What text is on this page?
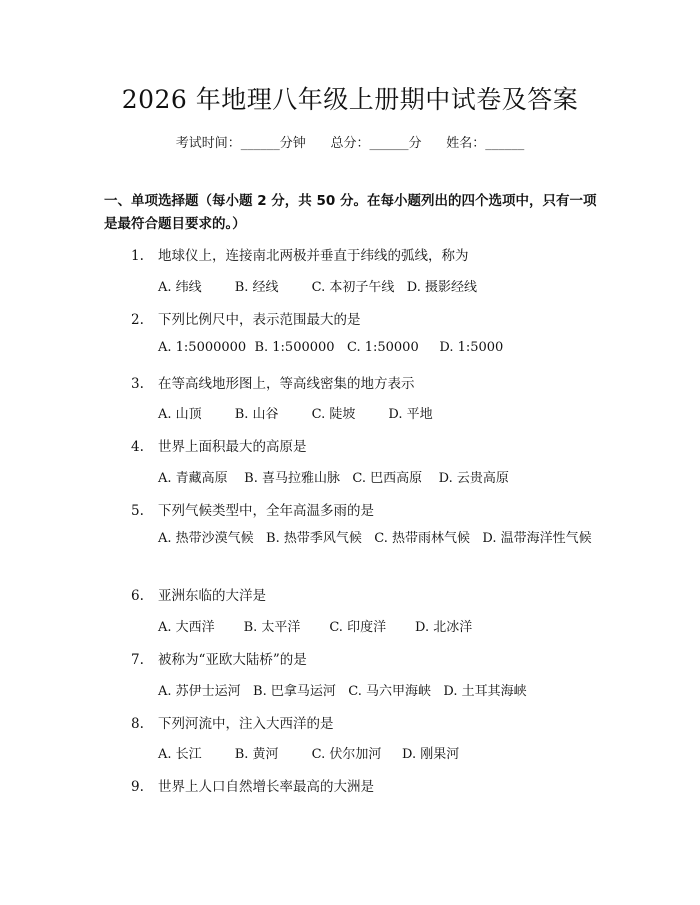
2026 年地理八年级上册期中试卷及答案
考试时间：______分钟      总分：______分      姓名：______
一、单项选择题（每小题 2 分，共 50 分。在每小题列出的四个选项中，只有一项是最符合题目要求的。）
1. 地球仪上，连接南北两极并垂直于纬线的弧线，称为
A. 纬线        B. 经线        C. 本初子午线   D. 摄影经线
2. 下列比例尺中，表示范围最大的是
A. 1:5000000  B. 1:500000   C. 1:50000     D. 1:5000
3. 在等高线地形图上，等高线密集的地方表示
A. 山顶        B. 山谷        C. 陡坡        D. 平地
4. 世界上面积最大的高原是
A. 青藏高原    B. 喜马拉雅山脉   C. 巴西高原    D. 云贵高原
5. 下列气候类型中，全年高温多雨的是
A. 热带沙漠气候   B. 热带季风气候   C. 热带雨林气候   D. 温带海洋性气候
6. 亚洲东临的大洋是
A. 大西洋       B. 太平洋       C. 印度洋       D. 北冰洋
7. 被称为“亚欧大陆桥”的是
A. 苏伊士运河   B. 巴拿马运河   C. 马六甲海峡   D. 土耳其海峡
8. 下列河流中，注入大西洋的是
A. 长江        B. 黄河        C. 伏尔加河     D. 刚果河
9. 世界上人口自然增长率最高的大洲是
